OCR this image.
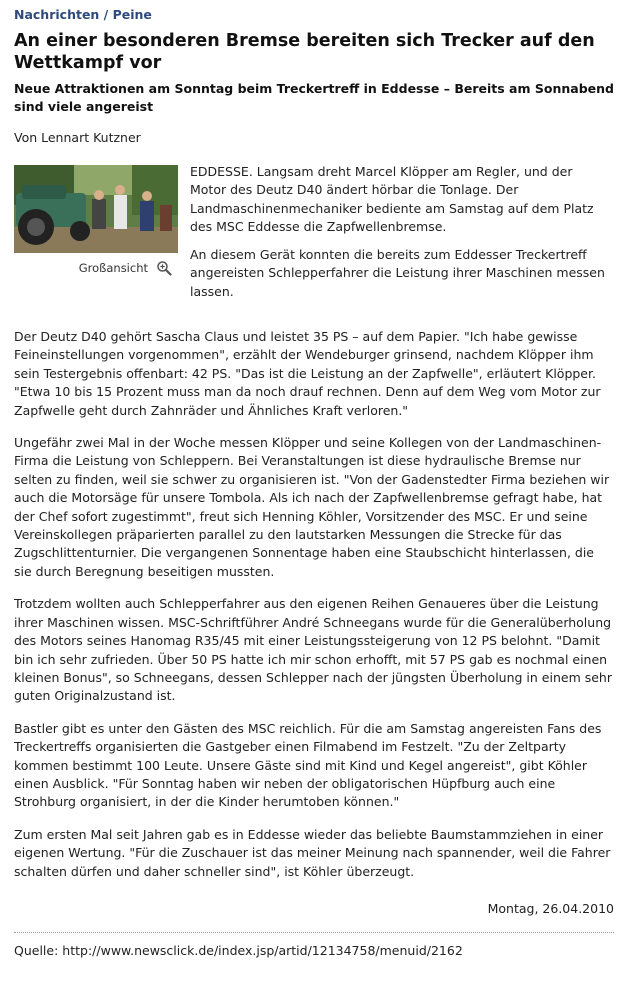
Nachrichten / Peine
An einer besonderen Bremse bereiten sich Trecker auf den Wettkampf vor
Neue Attraktionen am Sonntag beim Treckertreff in Eddesse – Bereits am Sonnabend sind viele angereist
Von Lennart Kutzner
Großansicht

EDDESSE. Langsam dreht Marcel Klöpper am Regler, und der Motor des Deutz D40 ändert hörbar die Tonlage. Der Landmaschinenmechaniker bediente am Samstag auf dem Platz des MSC Eddesse die Zapfwellenbremse.

An diesem Gerät konnten die bereits zum Eddesser Treckertreff angereisten Schlepperfahrer die Leistung ihrer Maschinen messen lassen.

Der Deutz D40 gehört Sascha Claus und leistet 35 PS – auf dem Papier. "Ich habe gewisse Feineinstellungen vorgenommen", erzählt der Wendeburger grinsend, nachdem Klöpper ihm sein Testergebnis offenbart: 42 PS. "Das ist die Leistung an der Zapfwelle", erläutert Klöpper. "Etwa 10 bis 15 Prozent muss man da noch drauf rechnen. Denn auf dem Weg vom Motor zur Zapfwelle geht durch Zahnräder und Ähnliches Kraft verloren."

Ungefähr zwei Mal in der Woche messen Klöpper und seine Kollegen von der Landmaschinen-Firma die Leistung von Schleppern. Bei Veranstaltungen ist diese hydraulische Bremse nur selten zu finden, weil sie schwer zu organisieren ist. "Von der Gadenstedter Firma beziehen wir auch die Motorsäge für unsere Tombola. Als ich nach der Zapfwellenbremse gefragt habe, hat der Chef sofort zugestimmt", freut sich Henning Köhler, Vorsitzender des MSC. Er und seine Vereinskollegen präparierten parallel zu den lautstarken Messungen die Strecke für das Zugschlittenturnier. Die vergangenen Sonnentage haben eine Staubschicht hinterlassen, die sie durch Beregnung beseitigen mussten.

Trotzdem wollten auch Schlepperfahrer aus den eigenen Reihen Genaueres über die Leistung ihrer Maschinen wissen. MSC-Schriftführer André Schneegans wurde für die Generalüberholung des Motors seines Hanomag R35/45 mit einer Leistungssteigerung von 12 PS belohnt. "Damit bin ich sehr zufrieden. Über 50 PS hatte ich mir schon erhofft, mit 57 PS gab es nochmal einen kleinen Bonus", so Schneegans, dessen Schlepper nach der jüngsten Überholung in einem sehr guten Originalzustand ist.

Bastler gibt es unter den Gästen des MSC reichlich. Für die am Samstag angereisten Fans des Treckertreffs organisierten die Gastgeber einen Filmabend im Festzelt. "Zu der Zeltparty kommen bestimmt 100 Leute. Unsere Gäste sind mit Kind und Kegel angereist", gibt Köhler einen Ausblick. "Für Sonntag haben wir neben der obligatorischen Hüpfburg auch eine Strohburg organisiert, in der die Kinder herumtoben können."

Zum ersten Mal seit Jahren gab es in Eddesse wieder das beliebte Baumstammziehen in einer eigenen Wertung. "Für die Zuschauer ist das meiner Meinung nach spannender, weil die Fahrer schalten dürfen und daher schneller sind", ist Köhler überzeugt.

Montag, 26.04.2010
Quelle: http://www.newsclick.de/index.jsp/artid/12134758/menuid/2162
